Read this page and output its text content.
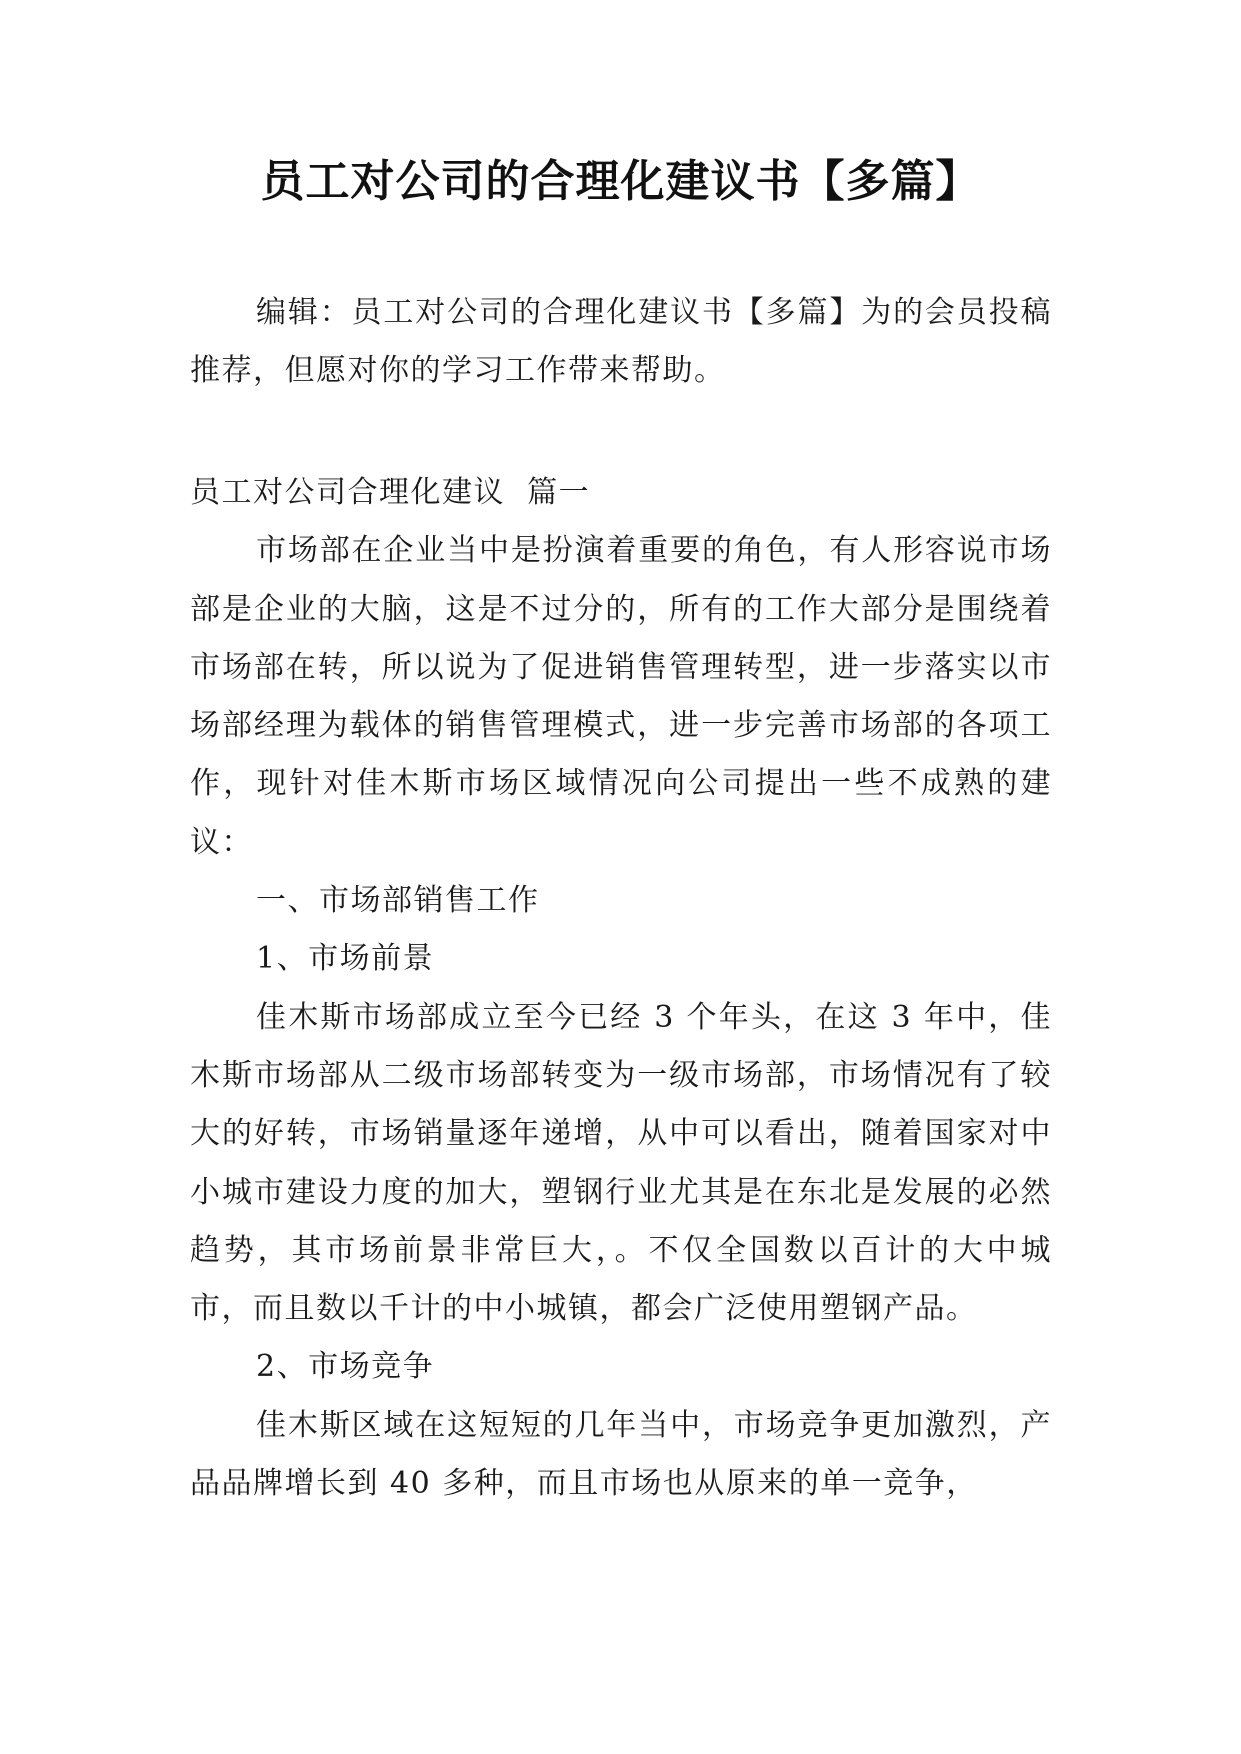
员工对公司的合理化建议书【多篇】

编辑：员工对公司的合理化建议书【多篇】为的会员投稿推荐，但愿对你的学习工作带来帮助。

员工对公司合理化建议  篇一

市场部在企业当中是扮演着重要的角色，有人形容说市场部是企业的大脑，这是不过分的，所有的工作大部分是围绕着市场部在转，所以说为了促进销售管理转型，进一步落实以市场部经理为载体的销售管理模式，进一步完善市场部的各项工作，现针对佳木斯市场区域情况向公司提出一些不成熟的建议：

一、市场部销售工作

1、市场前景

佳木斯市场部成立至今已经 3 个年头，在这 3 年中，佳木斯市场部从二级市场部转变为一级市场部，市场情况有了较大的好转，市场销量逐年递增，从中可以看出，随着国家对中小城市建设力度的加大，塑钢行业尤其是在东北是发展的必然趋势，其市场前景非常巨大，。不仅全国数以百计的大中城市，而且数以千计的中小城镇，都会广泛使用塑钢产品。

2、市场竞争

佳木斯区域在这短短的几年当中，市场竞争更加激烈，产品品牌增长到 40 多种，而且市场也从原来的单一竞争，
